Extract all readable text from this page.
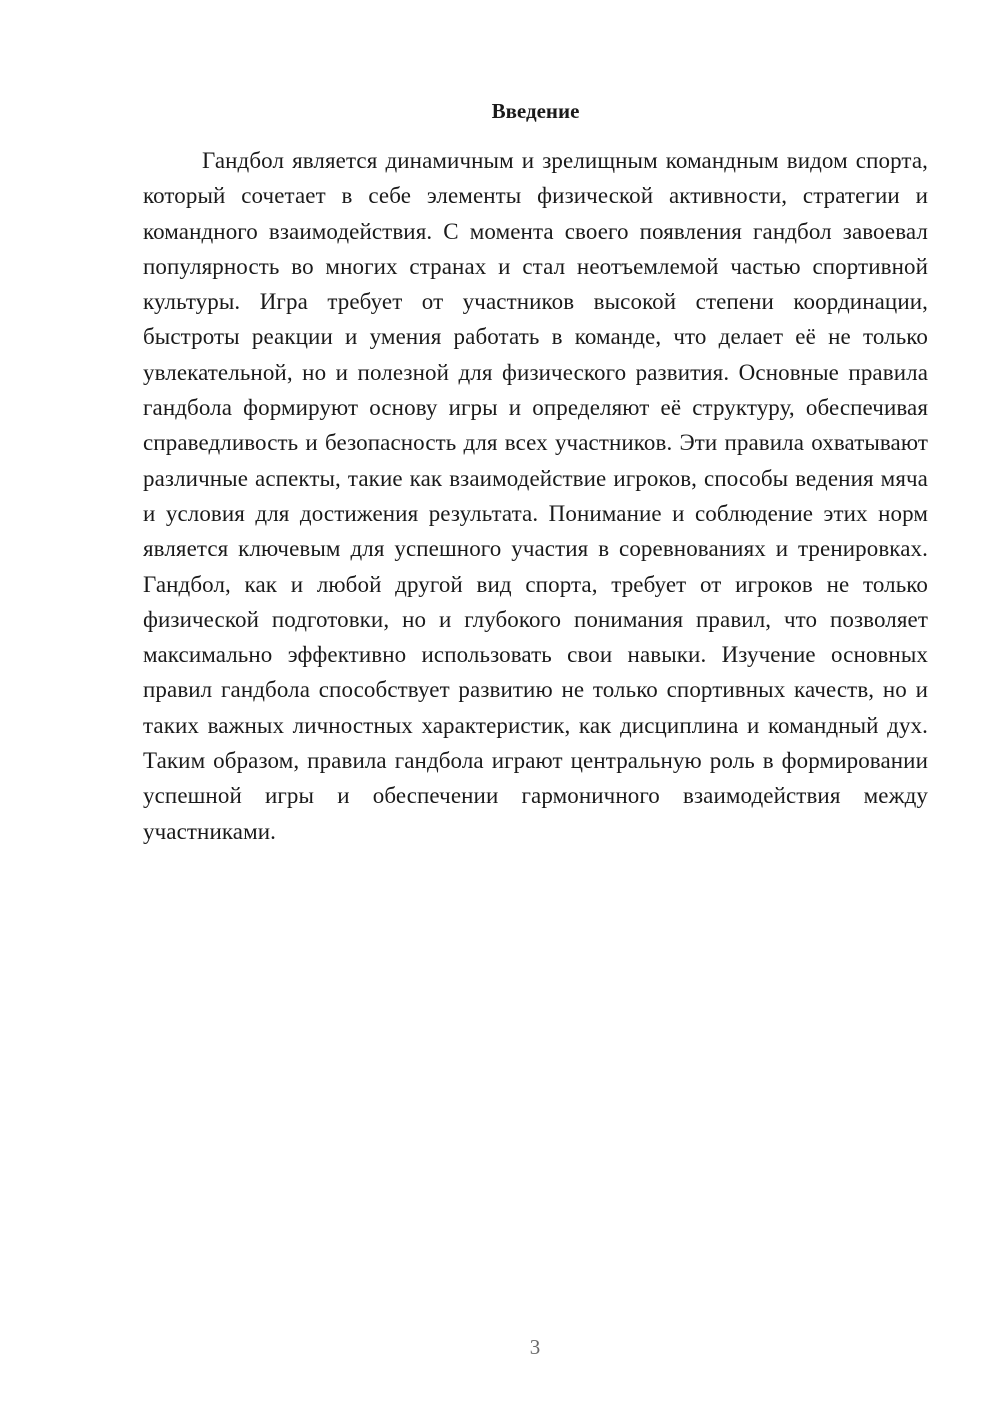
Введение

Гандбол является динамичным и зрелищным командным видом спорта, который сочетает в себе элементы физической активности, стратегии и командного взаимодействия. С момента своего появления гандбол завоевал популярность во многих странах и стал неотъемлемой частью спортивной культуры. Игра требует от участников высокой степени координации, быстроты реакции и умения работать в команде, что делает её не только увлекательной, но и полезной для физического развития. Основные правила гандбола формируют основу игры и определяют её структуру, обеспечивая справедливость и безопасность для всех участников. Эти правила охватывают различные аспекты, такие как взаимодействие игроков, способы ведения мяча и условия для достижения результата. Понимание и соблюдение этих норм является ключевым для успешного участия в соревнованиях и тренировках. Гандбол, как и любой другой вид спорта, требует от игроков не только физической подготовки, но и глубокого понимания правил, что позволяет максимально эффективно использовать свои навыки. Изучение основных правил гандбола способствует развитию не только спортивных качеств, но и таких важных личностных характеристик, как дисциплина и командный дух. Таким образом, правила гандбола играют центральную роль в формировании успешной игры и обеспечении гармоничного взаимодействия между участниками.

3
